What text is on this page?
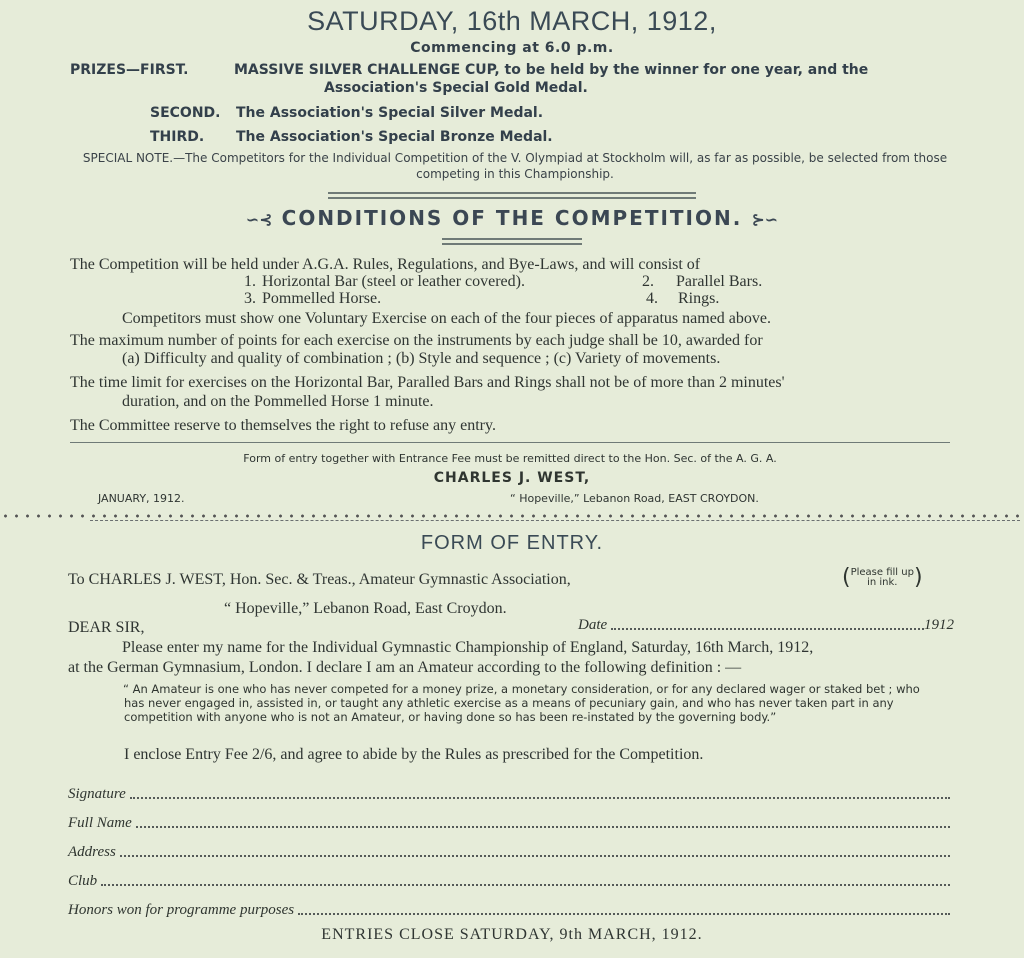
SATURDAY, 16th MARCH, 1912,
Commencing at 6.0 p.m.
PRIZES—FIRST.	MASSIVE SILVER CHALLENGE CUP, to be held by the winner for one year, and the
Association's Special Gold Medal.
SECOND. The Association's Special Silver Medal.
THIRD. The Association's Special Bronze Medal.
SPECIAL NOTE.—The Competitors for the Individual Competition of the V. Olympiad at Stockholm will, as far as possible, be selected from those competing in this Championship.
∽⊰ CONDITIONS OF THE COMPETITION. ⊱∽
The Competition will be held under A.G.A. Rules, Regulations, and Bye-Laws, and will consist of
1. Horizontal Bar (steel or leather covered).	2. Parallel Bars.
3. Pommelled Horse.	4. Rings.
Competitors must show one Voluntary Exercise on each of the four pieces of apparatus named above.
The maximum number of points for each exercise on the instruments by each judge shall be 10, awarded for
(a) Difficulty and quality of combination ; (b) Style and sequence ; (c) Variety of movements.
The time limit for exercises on the Horizontal Bar, Paralled Bars and Rings shall not be of more than 2 minutes'
duration, and on the Pommelled Horse 1 minute.
The Committee reserve to themselves the right to refuse any entry.
Form of entry together with Entrance Fee must be remitted direct to the Hon. Sec. of the A. G. A.
CHARLES J. WEST,
JANUARY, 1912.	“ Hopeville,” Lebanon Road, EAST CROYDON.
FORM OF ENTRY.
To CHARLES J. WEST, Hon. Sec. & Treas., Amateur Gymnastic Association,	(Please fill up
in ink. )
“ Hopeville,” Lebanon Road, East Croydon.
DEAR SIR,	Date	1912
Please enter my name for the Individual Gymnastic Championship of England, Saturday, 16th March, 1912,
at the German Gymnasium, London. I declare I am an Amateur according to the following definition : —
“ An Amateur is one who has never competed for a money prize, a monetary consideration, or for any declared wager or staked bet ; who has never engaged in, assisted in, or taught any athletic exercise as a means of pecuniary gain, and who has never taken part in any competition with anyone who is not an Amateur, or having done so has been re-instated by the governing body.”
I enclose Entry Fee 2/6, and agree to abide by the Rules as prescribed for the Competition.
Signature
Full Name
Address
Club
Honors won for programme purposes
ENTRIES CLOSE SATURDAY, 9th MARCH, 1912.
